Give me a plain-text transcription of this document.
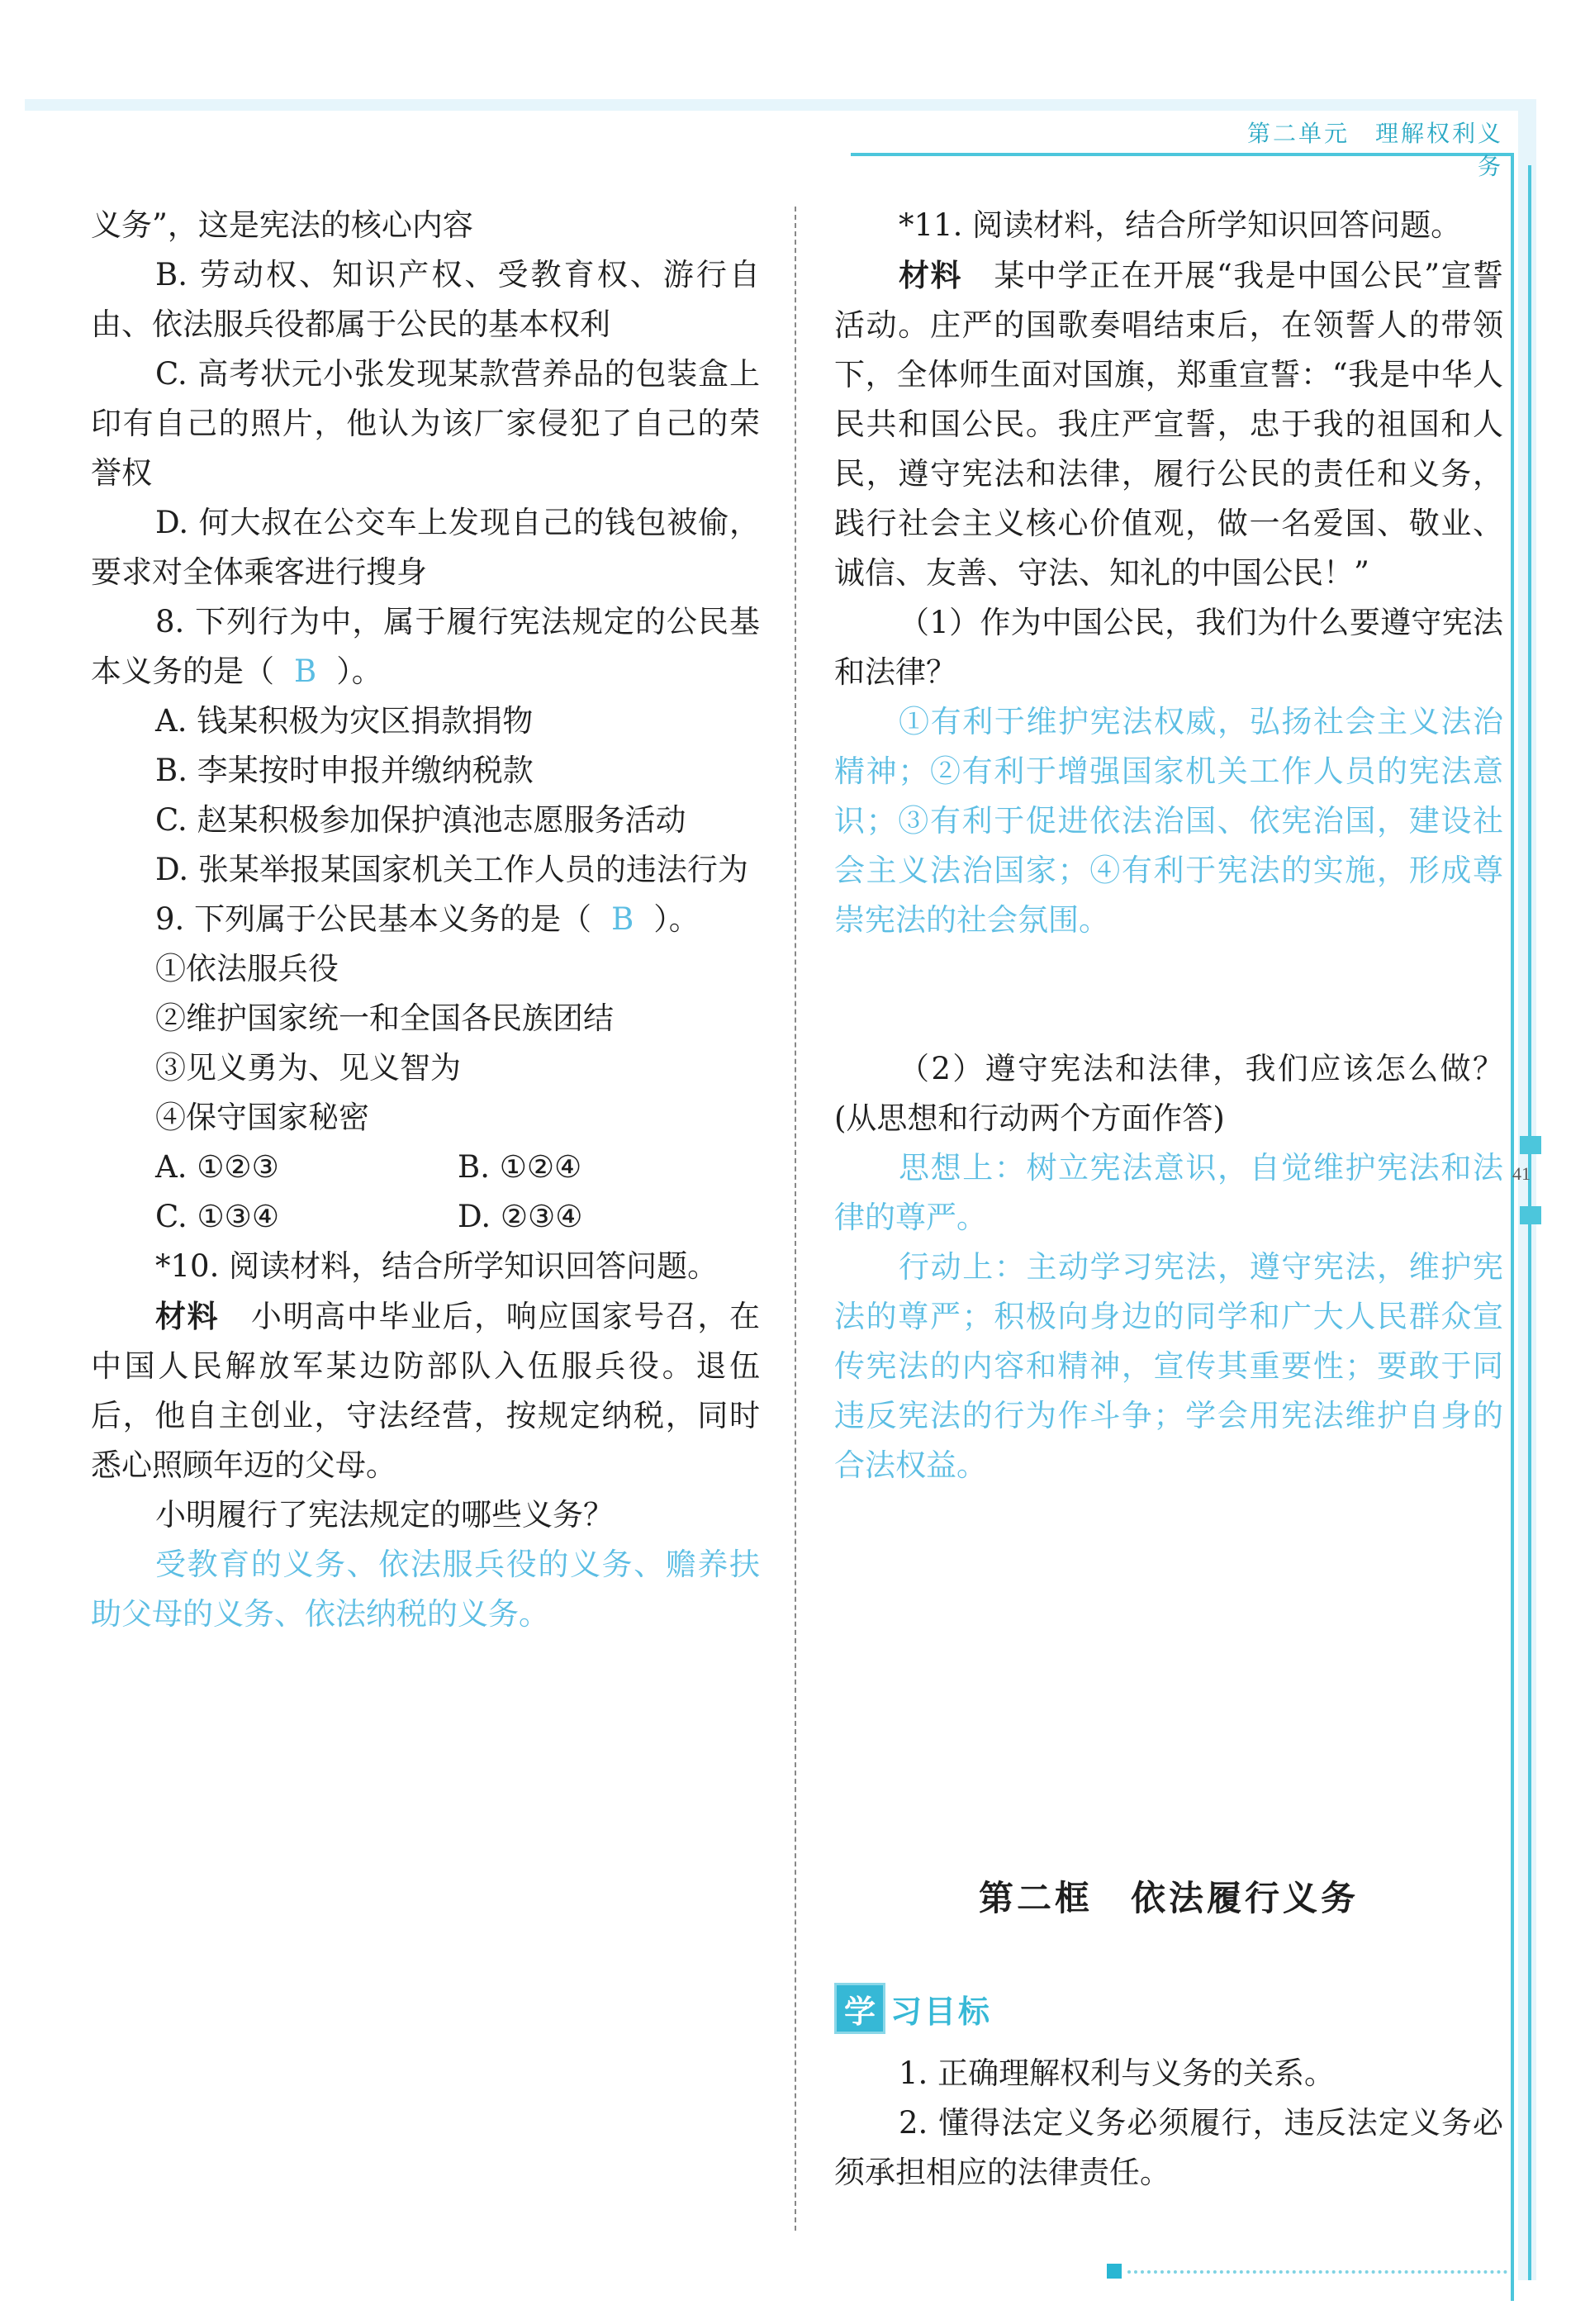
第二单元　理解权利义务
41

义务”，这是宪法的核心内容

B. 劳动权、知识产权、受教育权、游行自由、依法服兵役都属于公民的基本权利

C. 高考状元小张发现某款营养品的包装盒上印有自己的照片，他认为该厂家侵犯了自己的荣誉权

D. 何大叔在公交车上发现自己的钱包被偷，要求对全体乘客进行搜身

8. 下列行为中，属于履行宪法规定的公民基本义务的是（ B ）。

A. 钱某积极为灾区捐款捐物

B. 李某按时申报并缴纳税款

C. 赵某积极参加保护滇池志愿服务活动

D. 张某举报某国家机关工作人员的违法行为

9. 下列属于公民基本义务的是（ B ）。

①依法服兵役

②维护国家统一和全国各民族团结

③见义勇为、见义智为

④保守国家秘密

A. ①②③	B. ①②④
C. ①③④	D. ②③④

*10. 阅读材料，结合所学知识回答问题。

材料　 小明高中毕业后，响应国家号召，在中国人民解放军某边防部队入伍服兵役。退伍后，他自主创业，守法经营，按规定纳税，同时悉心照顾年迈的父母。

小明履行了宪法规定的哪些义务？

受教育的义务、依法服兵役的义务、赡养扶助父母的义务、依法纳税的义务。

*11. 阅读材料，结合所学知识回答问题。

材料　 某中学正在开展“我是中国公民”宣誓活动。庄严的国歌奏唱结束后，在领誓人的带领下，全体师生面对国旗，郑重宣誓：“我是中华人民共和国公民。我庄严宣誓，忠于我的祖国和人民，遵守宪法和法律，履行公民的责任和义务，践行社会主义核心价值观，做一名爱国、敬业、诚信、友善、守法、知礼的中国公民！”

（1）作为中国公民，我们为什么要遵守宪法和法律？

①有利于维护宪法权威，弘扬社会主义法治精神；②有利于增强国家机关工作人员的宪法意识；③有利于促进依法治国、依宪治国，建设社会主义法治国家；④有利于宪法的实施，形成尊崇宪法的社会氛围。

（2）遵守宪法和法律，我们应该怎么做？(从思想和行动两个方面作答)

思想上：树立宪法意识，自觉维护宪法和法律的尊严。

行动上：主动学习宪法，遵守宪法，维护宪法的尊严；积极向身边的同学和广大人民群众宣传宪法的内容和精神，宣传其重要性；要敢于同违反宪法的行为作斗争；学会用宪法维护自身的合法权益。

第二框　依法履行义务
学 习目标

1. 正确理解权利与义务的关系。

2. 懂得法定义务必须履行，违反法定义务必须承担相应的法律责任。
